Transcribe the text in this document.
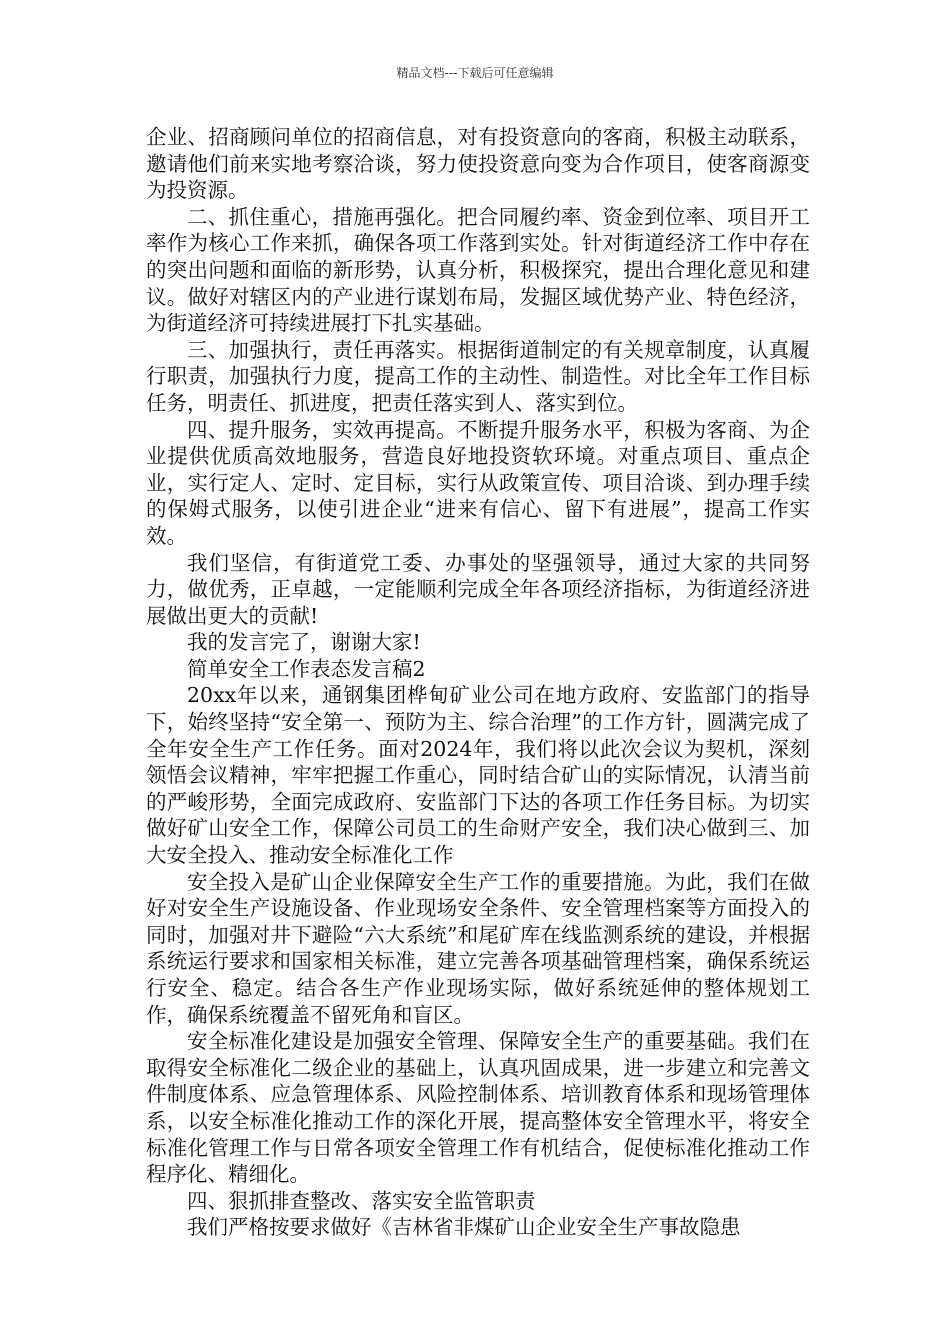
精品文档---下载后可任意编辑

企业、招商顾问单位的招商信息，对有投资意向的客商，积极主动联系，邀请他们前来实地考察洽谈，努力使投资意向变为合作项目，使客商源变为投资源。

二、抓住重心，措施再强化。把合同履约率、资金到位率、项目开工率作为核心工作来抓，确保各项工作落到实处。针对街道经济工作中存在的突出问题和面临的新形势，认真分析，积极探究，提出合理化意见和建议。做好对辖区内的产业进行谋划布局，发掘区域优势产业、特色经济，为街道经济可持续进展打下扎实基础。

三、加强执行，责任再落实。根据街道制定的有关规章制度，认真履行职责，加强执行力度，提高工作的主动性、制造性。对比全年工作目标任务，明责任、抓进度，把责任落实到人、落实到位。

四、提升服务，实效再提高。不断提升服务水平，积极为客商、为企业提供优质高效地服务，营造良好地投资软环境。对重点项目、重点企业，实行定人、定时、定目标，实行从政策宣传、项目洽谈、到办理手续的保姆式服务，以使引进企业“进来有信心、留下有进展”，提高工作实效。

我们坚信，有街道党工委、办事处的坚强领导，通过大家的共同努力，做优秀，正卓越，一定能顺利完成全年各项经济指标，为街道经济进展做出更大的贡献!

我的发言完了，谢谢大家!

简单安全工作表态发言稿2

20xx年以来，通钢集团桦甸矿业公司在地方政府、安监部门的指导下，始终坚持“安全第一、预防为主、综合治理”的工作方针，圆满完成了全年安全生产工作任务。面对2024年，我们将以此次会议为契机，深刻领悟会议精神，牢牢把握工作重心，同时结合矿山的实际情况，认清当前的严峻形势，全面完成政府、安监部门下达的各项工作任务目标。为切实做好矿山安全工作，保障公司员工的生命财产安全，我们决心做到三、加大安全投入、推动安全标准化工作

安全投入是矿山企业保障安全生产工作的重要措施。为此，我们在做好对安全生产设施设备、作业现场安全条件、安全管理档案等方面投入的同时，加强对井下避险“六大系统”和尾矿库在线监测系统的建设，并根据系统运行要求和国家相关标准，建立完善各项基础管理档案，确保系统运行安全、稳定。结合各生产作业现场实际，做好系统延伸的整体规划工作，确保系统覆盖不留死角和盲区。

安全标准化建设是加强安全管理、保障安全生产的重要基础。我们在取得安全标准化二级企业的基础上，认真巩固成果，进一步建立和完善文件制度体系、应急管理体系、风险控制体系、培训教育体系和现场管理体系，以安全标准化推动工作的深化开展，提高整体安全管理水平，将安全标准化管理工作与日常各项安全管理工作有机结合，促使标准化推动工作程序化、精细化。

四、狠抓排查整改、落实安全监管职责

我们严格按要求做好《吉林省非煤矿山企业安全生产事故隐患
